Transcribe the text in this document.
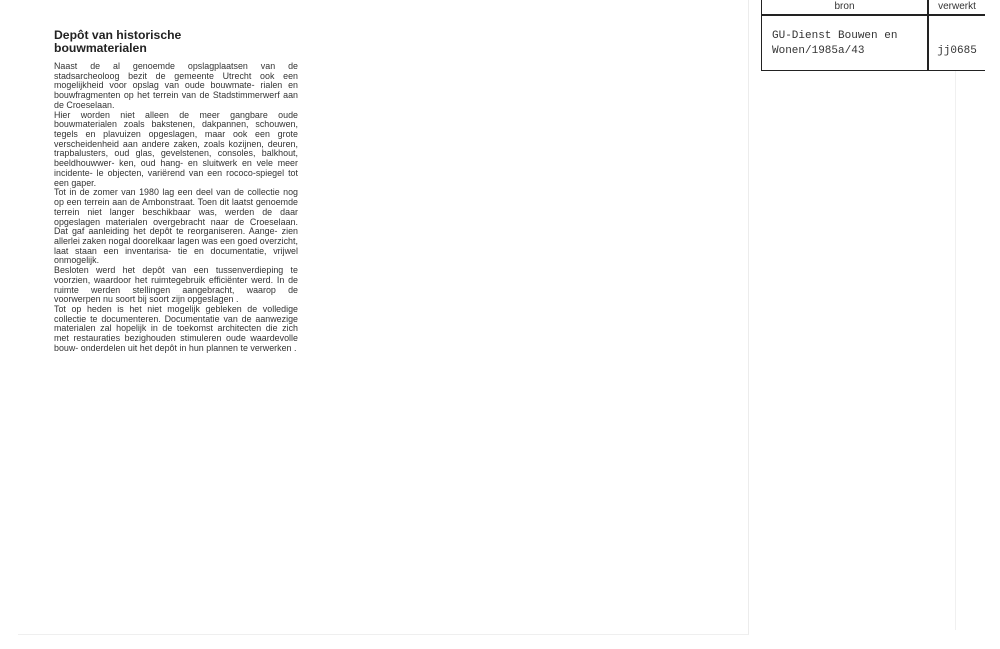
Depôt van historische
bouwmaterialen

Naast de al genoemde opslagplaatsen van de stadsarcheoloog bezit de gemeente Utrecht ook een mogelijkheid voor opslag van oude bouwmate- rialen en bouwfragmenten op het terrein van de Stadstimmerwerf aan de Croeselaan.

Hier worden niet alleen de meer gangbare oude bouwmaterialen zoals bakstenen, dakpannen, schouwen, tegels en plavuizen opgeslagen, maar ook een grote verscheidenheid aan andere zaken, zoals kozijnen, deuren, trapbalusters, oud glas, gevelstenen, consoles, balkhout, beeldhouwwer- ken, oud hang- en sluitwerk en vele meer incidente- le objecten, variërend van een rococo-spiegel tot een gaper.

Tot in de zomer van 1980 lag een deel van de collectie nog op een terrein aan de Ambonstraat. Toen dit laatst genoemde terrein niet langer beschikbaar was, werden de daar opgeslagen materialen overgebracht naar de Croeselaan. Dat gaf aanleiding het depôt te reorganiseren. Aange- zien allerlei zaken nogal doorelkaar lagen was een goed overzicht, laat staan een inventarisa- tie en documentatie, vrijwel onmogelijk.

Besloten werd het depôt van een tussenverdieping te voorzien, waardoor het ruimtegebruik efficiënter werd. In de ruimte werden stellingen aangebracht, waarop de voorwerpen nu soort bij soort zijn opgeslagen .

Tot op heden is het niet mogelijk gebleken de volledige collectie te documenteren. Documentatie van de aanwezige materialen zal hopelijk in de toekomst architecten die zich met restauraties bezighouden stimuleren oude waardevolle bouw- onderdelen uit het depôt in hun plannen te verwerken .

bron	verwerkt
GU-Dienst Bouwen en
Wonen/1985a/43	jj0685
